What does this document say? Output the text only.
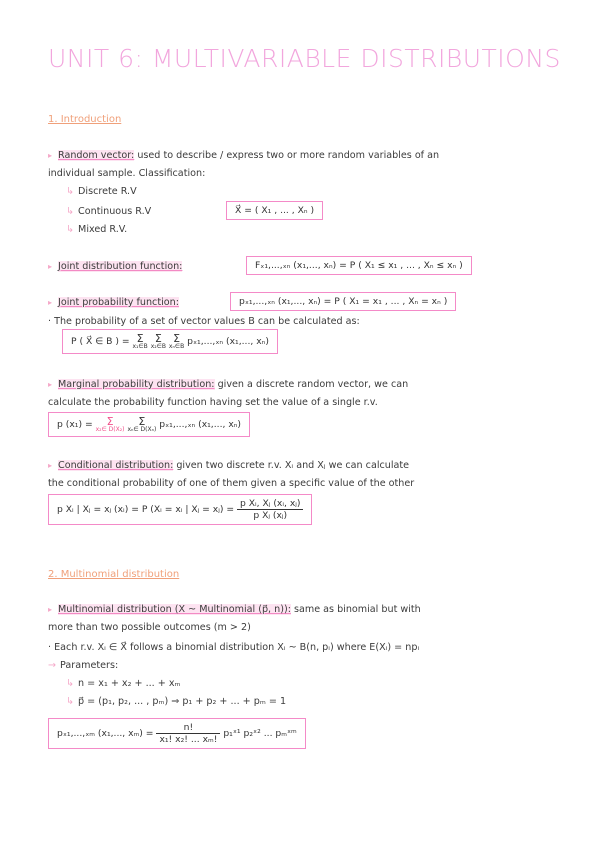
UNIT 6: MULTIVARIABLE DISTRIBUTIONS
1. Introduction
▸ Random vector: used to describe / express two or more random variables of an
individual sample. Classification:
↳ Discrete R.V
↳ Continuous R.V
↳ Mixed R.V.
X⃗ = ( X₁ , ... , Xₙ )
▸ Joint distribution function:	Fₓ₁,...,ₓₙ (x₁,..., xₙ) = P ( X₁ ≤ x₁ , ... , Xₙ ≤ xₙ )
▸ Joint probability function:	pₓ₁,...,ₓₙ (x₁,..., xₙ) = P ( X₁ = x₁ , ... , Xₙ = xₙ )
· The probability of a set of vector values B can be calculated as:
P ( X⃗ ∈ B ) = Σ
x₁∈B

Σ
x₂∈B

Σ
xₙ∈B pₓ₁,...,ₓₙ (x₁,..., xₙ)
▸ Marginal probability distribution: given a discrete random vector, we can
calculate the probability function having set the value of a single r.v.
p (x₁) =	Σ
x₂∈ D(X₂)

Σ
xₙ∈ D(Xₙ) pₓ₁,...,ₓₙ (x₁,..., xₙ)
▸ Conditional distribution: given two discrete r.v. Xᵢ and Xⱼ we can calculate
the conditional probability of one of them given a specific value of the other
p Xᵢ | Xⱼ = xⱼ (xᵢ) = P (Xᵢ = xᵢ | Xⱼ = xⱼ) = $\frac{\text{p Xᵢ, Xⱼ (xᵢ, xⱼ)}}{\text{p Xⱼ (xⱼ)}}$
2. Multinomial distribution
▸ Multinomial distribution (X ~ Multinomial (p⃗, n)): same as binomial but with
more than two possible outcomes (m > 2)
· Each r.v. Xᵢ ∈ X⃗ follows a binomial distribution Xᵢ ~ B(n, pᵢ) where E(Xᵢ) = npᵢ
→ Parameters:
↳ n = x₁ + x₂ + ... + xₘ
↳ p⃗ = (p₁, p₂, ... , pₘ) ⇒ p₁ + p₂ + ... + pₘ = 1
pₓ₁,...,ₓₘ (x₁,..., $x_m) = \frac{n!}{\text{x₁! x₂! ... xₘ!}}$ p₁ˣ¹ p₂ˣ² ... pₘˣᵐ
